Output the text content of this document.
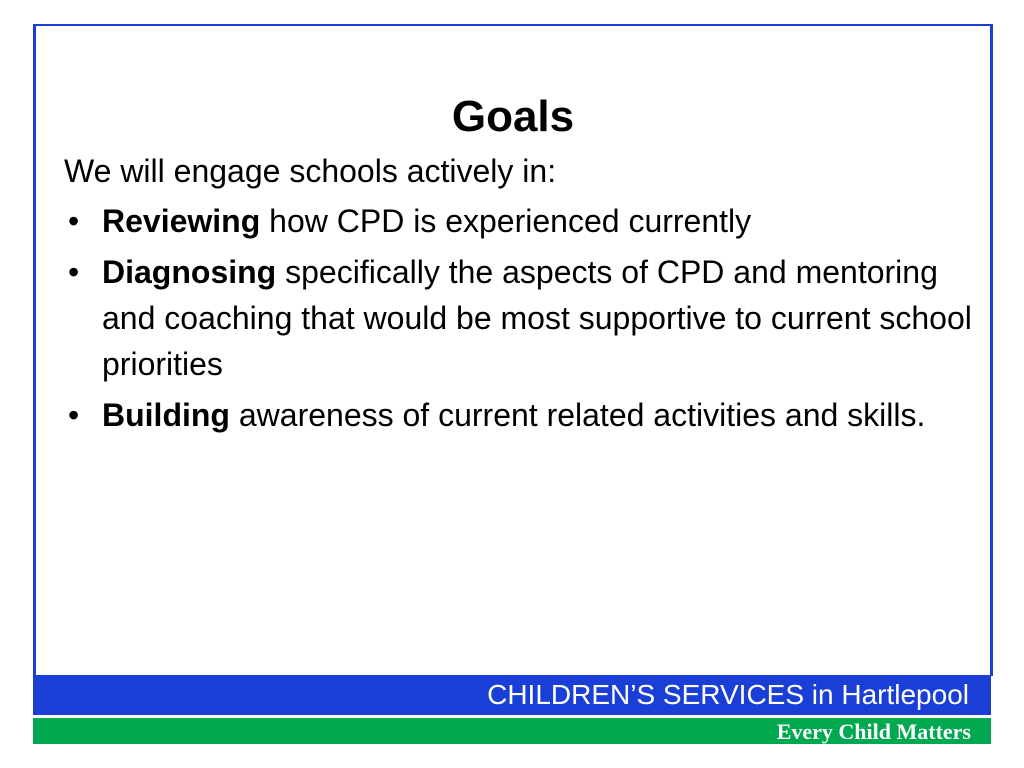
Goals

We will engage schools actively in:

• Reviewing how CPD is experienced currently
• Diagnosing specifically the aspects of CPD and mentoring and coaching that would be most supportive to current school priorities
• Building awareness of current related activities and skills.
CHILDREN’S SERVICES in Hartlepool
Every Child Matters
